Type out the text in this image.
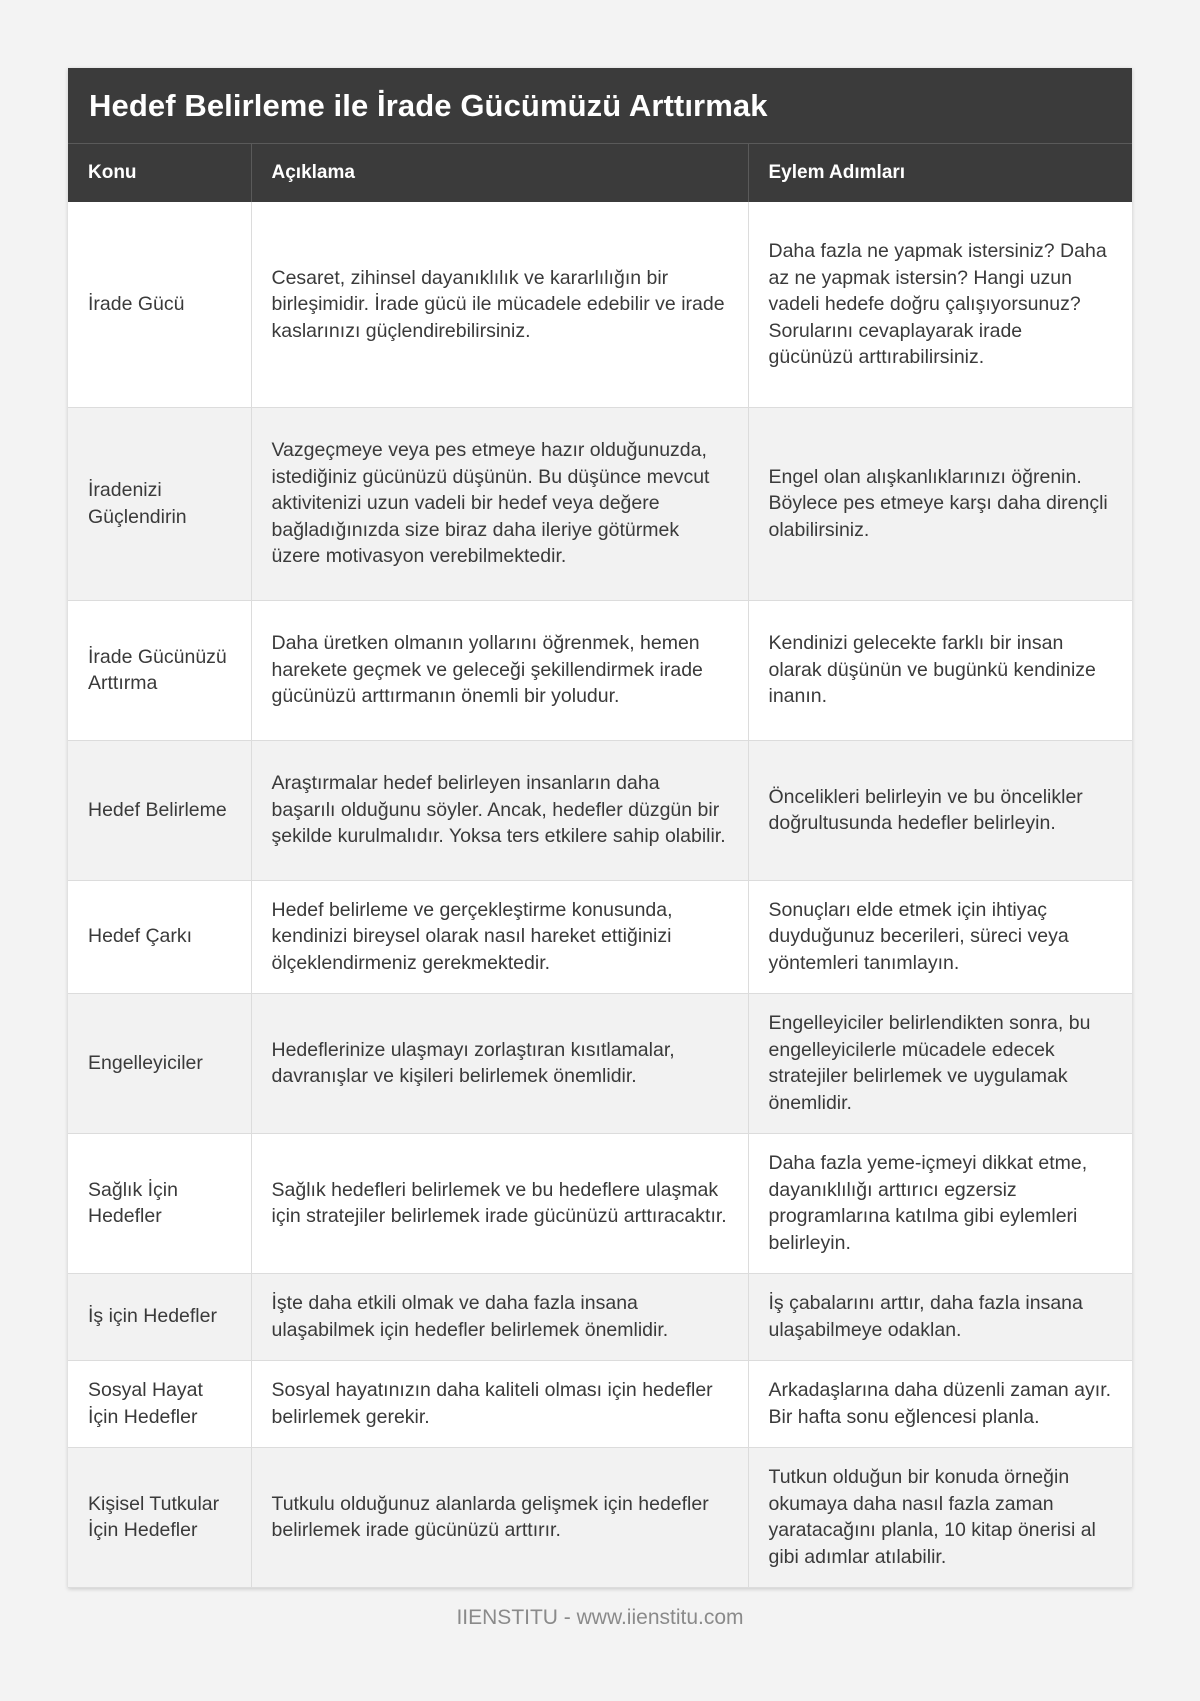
Hedef Belirleme ile İrade Gücümüzü Arttırmak
Konu	Açıklama	Eylem Adımları
İrade Gücü	Cesaret, zihinsel dayanıklılık ve kararlılığın bir birleşimidir. İrade gücü ile mücadele edebilir ve irade kaslarınızı güçlendirebilirsiniz.	Daha fazla ne yapmak istersiniz? Daha az ne yapmak istersin? Hangi uzun vadeli hedefe doğru çalışıyorsunuz? Sorularını cevaplayarak irade gücünüzü arttırabilirsiniz.
İradenizi Güçlendirin	Vazgeçmeye veya pes etmeye hazır olduğunuzda, istediğiniz gücünüzü düşünün. Bu düşünce mevcut aktivitenizi uzun vadeli bir hedef veya değere bağladığınızda size biraz daha ileriye götürmek üzere motivasyon verebilmektedir.	Engel olan alışkanlıklarınızı öğrenin. Böylece pes etmeye karşı daha dirençli olabilirsiniz.
İrade Gücünüzü Arttırma	Daha üretken olmanın yollarını öğrenmek, hemen harekete geçmek ve geleceği şekillendirmek irade gücünüzü arttırmanın önemli bir yoludur.	Kendinizi gelecekte farklı bir insan olarak düşünün ve bugünkü kendinize inanın.
Hedef Belirleme	Araştırmalar hedef belirleyen insanların daha başarılı olduğunu söyler. Ancak, hedefler düzgün bir şekilde kurulmalıdır. Yoksa ters etkilere sahip olabilir.	Öncelikleri belirleyin ve bu öncelikler doğrultusunda hedefler belirleyin.
Hedef Çarkı	Hedef belirleme ve gerçekleştirme konusunda, kendinizi bireysel olarak nasıl hareket ettiğinizi ölçeklendirmeniz gerekmektedir.	Sonuçları elde etmek için ihtiyaç duyduğunuz becerileri, süreci veya yöntemleri tanımlayın.
Engelleyiciler	Hedeflerinize ulaşmayı zorlaştıran kısıtlamalar, davranışlar ve kişileri belirlemek önemlidir.	Engelleyiciler belirlendikten sonra, bu engelleyicilerle mücadele edecek stratejiler belirlemek ve uygulamak önemlidir.
Sağlık İçin Hedefler	Sağlık hedefleri belirlemek ve bu hedeflere ulaşmak için stratejiler belirlemek irade gücünüzü arttıracaktır.	Daha fazla yeme-içmeyi dikkat etme, dayanıklılığı arttırıcı egzersiz programlarına katılma gibi eylemleri belirleyin.
İş için Hedefler	İşte daha etkili olmak ve daha fazla insana ulaşabilmek için hedefler belirlemek önemlidir.	İş çabalarını arttır, daha fazla insana ulaşabilmeye odaklan.
Sosyal Hayat İçin Hedefler	Sosyal hayatınızın daha kaliteli olması için hedefler belirlemek gerekir.	Arkadaşlarına daha düzenli zaman ayır. Bir hafta sonu eğlencesi planla.
Kişisel Tutkular İçin Hedefler	Tutkulu olduğunuz alanlarda gelişmek için hedefler belirlemek irade gücünüzü arttırır.	Tutkun olduğun bir konuda örneğin okumaya daha nasıl fazla zaman yaratacağını planla, 10 kitap önerisi al gibi adımlar atılabilir.
IIENSTITU - www.iienstitu.com
